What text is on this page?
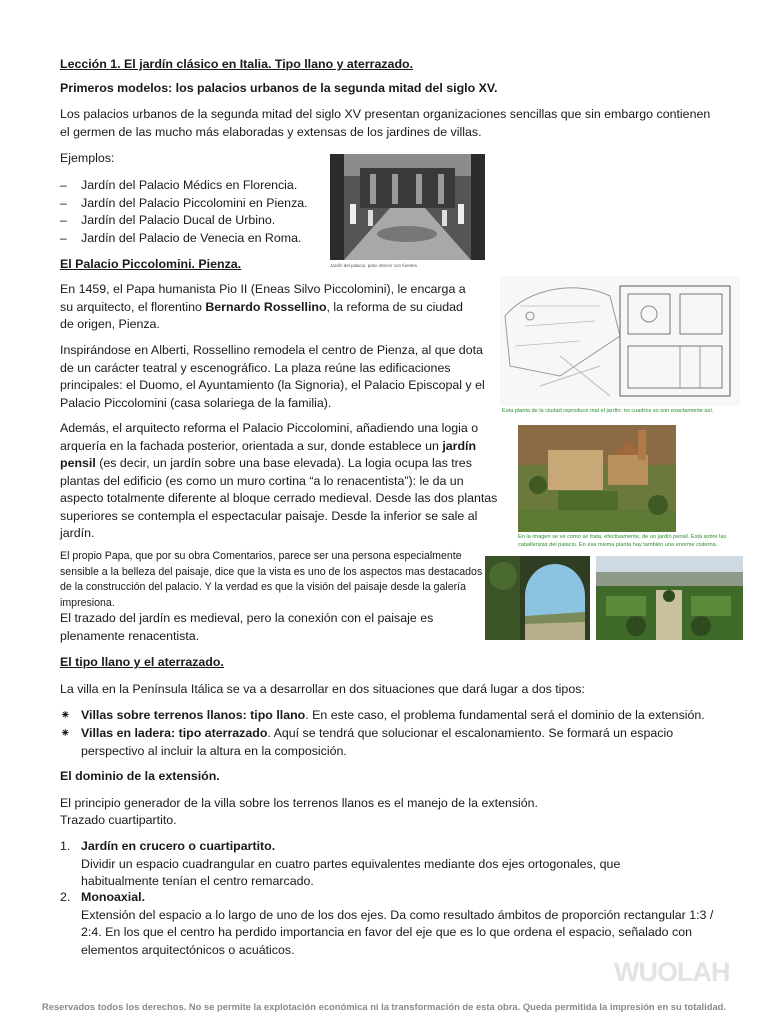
Lección 1. El jardín clásico en Italia. Tipo llano y aterrazado.
Primeros modelos: los palacios urbanos de la segunda mitad del siglo XV.
Los palacios urbanos de la segunda mitad del siglo XV presentan organizaciones sencillas que sin embargo contienen el germen de las mucho más elaboradas y extensas de los jardines de villas.
Ejemplos:
– Jardín del Palacio Médics en Florencia.
– Jardín del Palacio Piccolomini en Pienza.
– Jardín del Palacio Ducal de Urbino.
– Jardín del Palacio de Venecia en Roma.
Jardín del palacio, patio interior con fuentes
El Palacio Piccolomini. Pienza.
En 1459, el Papa humanista Pio II (Eneas Silvo Piccolomini), le encarga a su arquitecto, el florentino Bernardo Rossellino, la reforma de su ciudad de origen, Pienza.
Inspirándose en Alberti, Rossellino remodela el centro de Pienza, al que dota de un carácter teatral y escenográfico. La plaza reúne las edificaciones principales: el Duomo, el Ayuntamiento (la Signoria), el Palacio Episcopal y el Palacio Piccolomini (casa solariega de la familia).
Además, el arquitecto reforma el Palacio Piccolomini, añadiendo una logia o arquería en la fachada posterior, orientada a sur, donde establece un jardín pensil (es decir, un jardín sobre una base elevada). La logia ocupa las tres plantas del edificio (es como un muro cortina “a lo renacentista”): le da un aspecto totalmente diferente al bloque cerrado medieval. Desde las dos plantas superiores se contempla el espectacular paisaje. Desde la inferior se sale al jardín.
El propio Papa, que por su obra Comentarios, parece ser una persona especialmente sensible a la belleza del paisaje, dice que la vista es uno de los aspectos mas destacados de la construcción del palacio. Y la verdad es que la visión del paisaje desde la galería impresiona.
El trazado del jardín es medieval, pero la conexión con el paisaje es plenamente renacentista.
Esta planta de la ciudad reproduce mal el jardín: no cuadros so son exactamente así.
En la imagen se ve como se trata, efectivamente, de un jardín pensil. Está sobre las
caballerizas del palacio. En esa misma planta hay también una enorme cisterna.
El tipo llano y el aterrazado.
La villa en la Península Itálica se va a desarrollar en dos situaciones que dará lugar a dos tipos:
⁕ Villas sobre terrenos llanos: tipo llano. En este caso, el problema fundamental será el dominio de la extensión.
⁕ Villas en ladera: tipo aterrazado. Aquí se tendrá que solucionar el escalonamiento. Se formará un espacio perspectivo al incluir la altura en la composición.
El dominio de la extensión.
El principio generador de la villa sobre los terrenos llanos es el manejo de la extensión.
Trazado cuartipartito.
1. Jardín en crucero o cuartipartito.
Dividir un espacio cuadrangular en cuatro partes equivalentes mediante dos ejes ortogonales, que habitualmente tenían el centro remarcado.
2. Monoaxial.
Extensión del espacio a lo largo de uno de los dos ejes. Da como resultado ámbitos de proporción rectangular 1:3 / 2:4. En los que el centro ha perdido importancia en favor del eje que es lo que ordena el espacio, señalado con elementos arquitectónicos o acuáticos.
WUOLAH
Reservados todos los derechos. No se permite la explotación económica ni la transformación de esta obra. Queda permitida la impresión en su totalidad.
